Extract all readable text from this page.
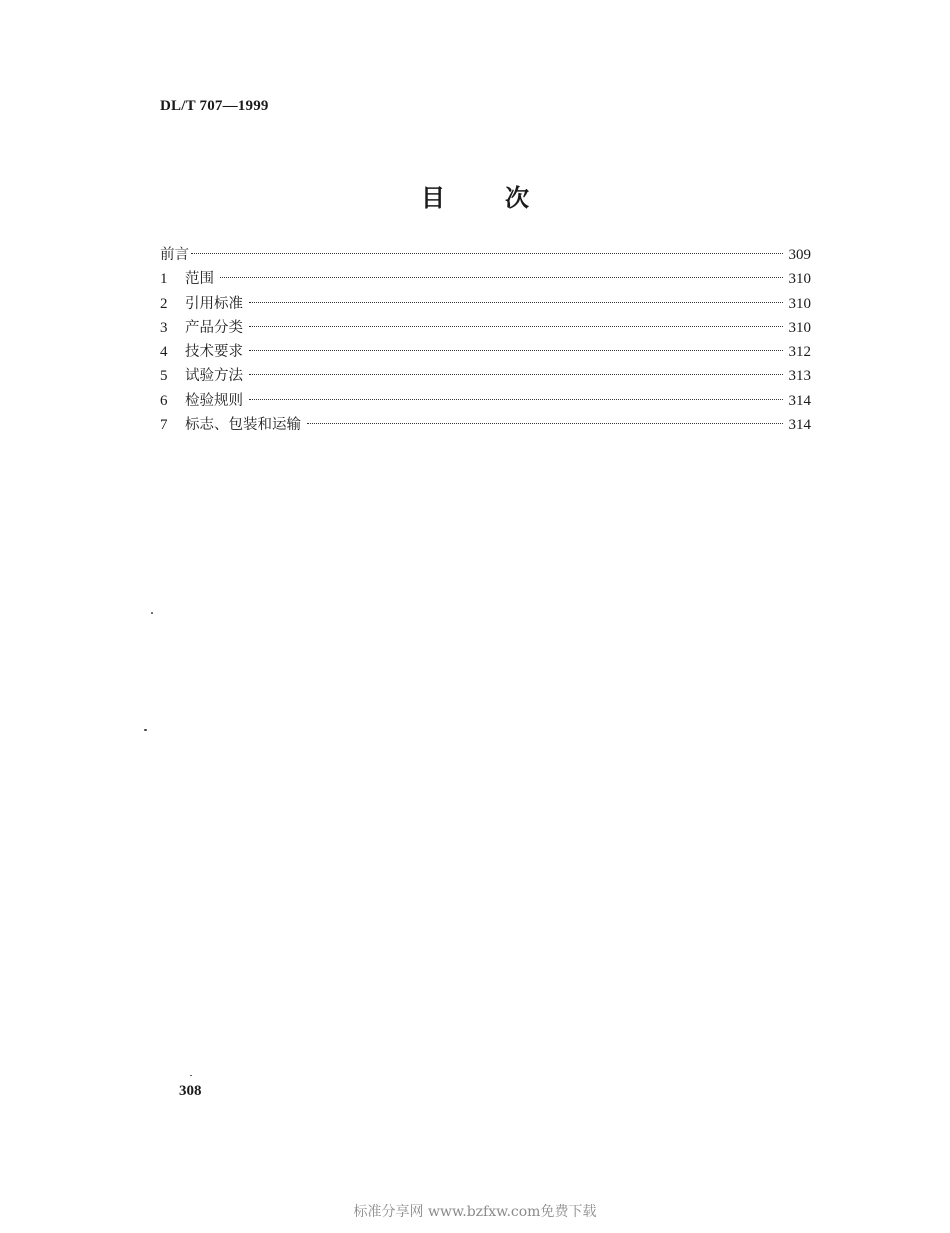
DL/T 707—1999
目	次
前言	309
1	范围	310
2	引用标准	310
3	产品分类	310
4	技术要求	312
5	试验方法	313
6	检验规则	314
7	标志、包装和运输	314
308
标准分享网 www.bzfxw.com免费下载
